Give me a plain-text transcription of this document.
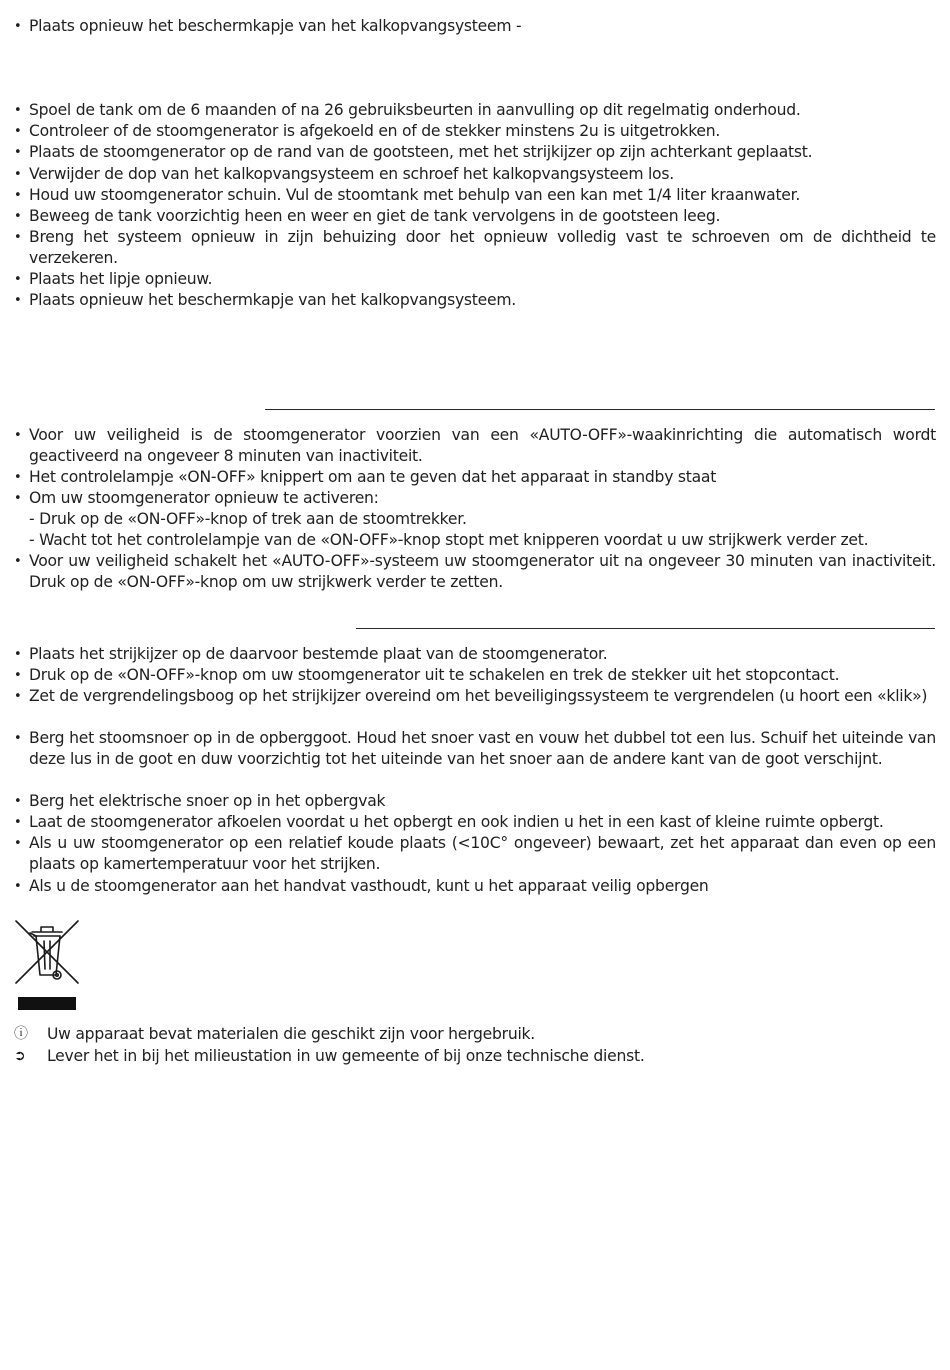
• Plaats opnieuw het beschermkapje van het kalkopvangsysteem -
• Spoel de tank om de 6 maanden of na 26 gebruiksbeurten in aanvulling op dit regelmatig onderhoud.
• Controleer of de stoomgenerator is afgekoeld en of de stekker minstens 2u is uitgetrokken.
• Plaats de stoomgenerator op de rand van de gootsteen, met het strijkijzer op zijn achterkant geplaatst.
• Verwijder de dop van het kalkopvangsysteem en schroef het kalkopvangsysteem los.
• Houd uw stoomgenerator schuin. Vul de stoomtank met behulp van een kan met 1/4 liter kraanwater.
• Beweeg de tank voorzichtig heen en weer en giet de tank vervolgens in de gootsteen leeg.
• Breng het systeem opnieuw in zijn behuizing door het opnieuw volledig vast te schroeven om de dichtheid te verzekeren.
• Plaats het lipje opnieuw.
• Plaats opnieuw het beschermkapje van het kalkopvangsysteem.
• Voor uw veiligheid is de stoomgenerator voorzien van een «AUTO-OFF»-waakinrichting die automatisch wordt geactiveerd na ongeveer 8 minuten van inactiviteit.
• Het controlelampje «ON-OFF» knippert om aan te geven dat het apparaat in standby staat
• Om uw stoomgenerator opnieuw te activeren:
- Druk op de «ON-OFF»-knop of trek aan de stoomtrekker.
- Wacht tot het controlelampje van de «ON-OFF»-knop stopt met knipperen voordat u uw strijkwerk verder zet.
• Voor uw veiligheid schakelt het «AUTO-OFF»-systeem uw stoomgenerator uit na ongeveer 30 minuten van inactiviteit. Druk op de «ON-OFF»-knop om uw strijkwerk verder te zetten.
• Plaats het strijkijzer op de daarvoor bestemde plaat van de stoomgenerator.
• Druk op de «ON-OFF»-knop om uw stoomgenerator uit te schakelen en trek de stekker uit het stopcontact.
• Zet de vergrendelingsboog op het strijkijzer overeind om het beveiligingssysteem te vergrendelen (u hoort een «klik»)
• Berg het stoomsnoer op in de opberggoot. Houd het snoer vast en vouw het dubbel tot een lus. Schuif het uiteinde van deze lus in de goot en duw voorzichtig tot het uiteinde van het snoer aan de andere kant van de goot verschijnt.
• Berg het elektrische snoer op in het opbergvak
• Laat de stoomgenerator afkoelen voordat u het opbergt en ook indien u het in een kast of kleine ruimte opbergt.
• Als u uw stoomgenerator op een relatief koude plaats (<10C° ongeveer) bewaart, zet het apparaat dan even op een plaats op kamertemperatuur voor het strijken.
• Als u de stoomgenerator aan het handvat vasthoudt, kunt u het apparaat veilig opbergen
ⓘ	Uw apparaat bevat materialen die geschikt zijn voor hergebruik.
➲	Lever het in bij het milieustation in uw gemeente of bij onze technische dienst.
